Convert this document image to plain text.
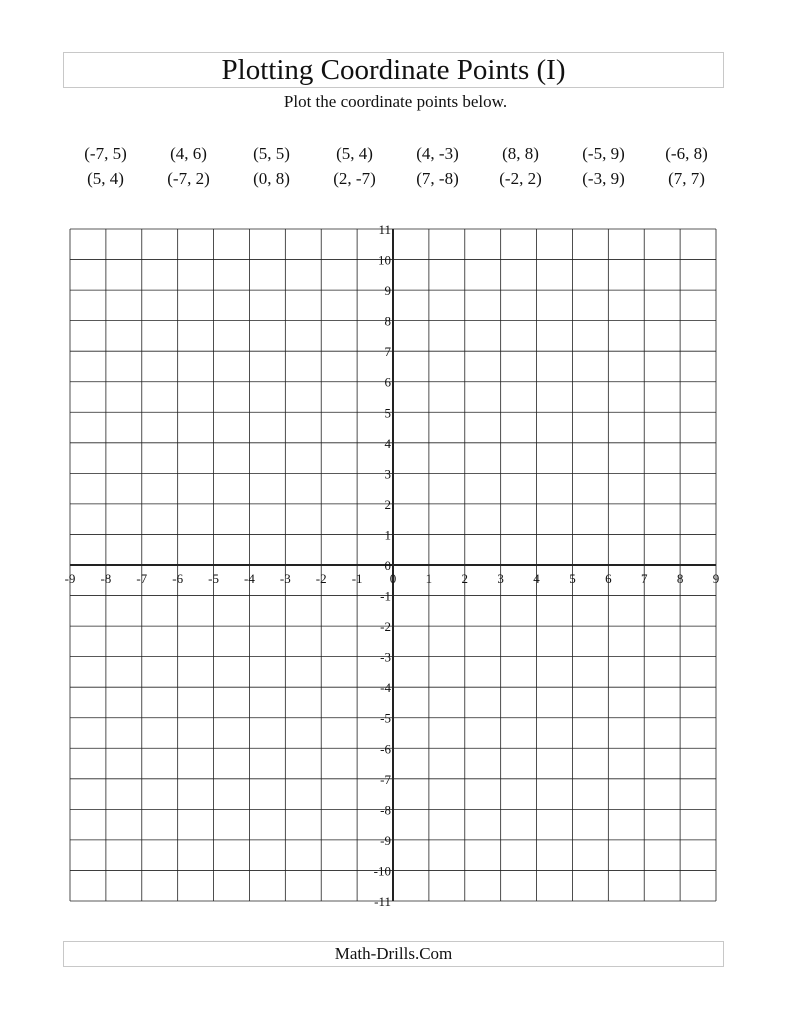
Plotting Coordinate Points (I)
Plot the coordinate points below.
(-7, 5)	(4, 6)	(5, 5)	(5, 4)	(4, -3)	(8, 8)	(-5, 9)	(-6, 8)
(5, 4)	(-7, 2)	(0, 8)	(2, -7)	(7, -8)	(-2, 2)	(-3, 9)	(7, 7)
-9 -8 -7 -6 -5 -4 -3 -2 -1 0 1 2 3 4 5 6 7 8 9
11
10
9
8
7
6
5
4
3
2
1
0
-1
-2
-3
-4
-5
-6
-7
-8
-9
-10
-11
Math-Drills.Com
